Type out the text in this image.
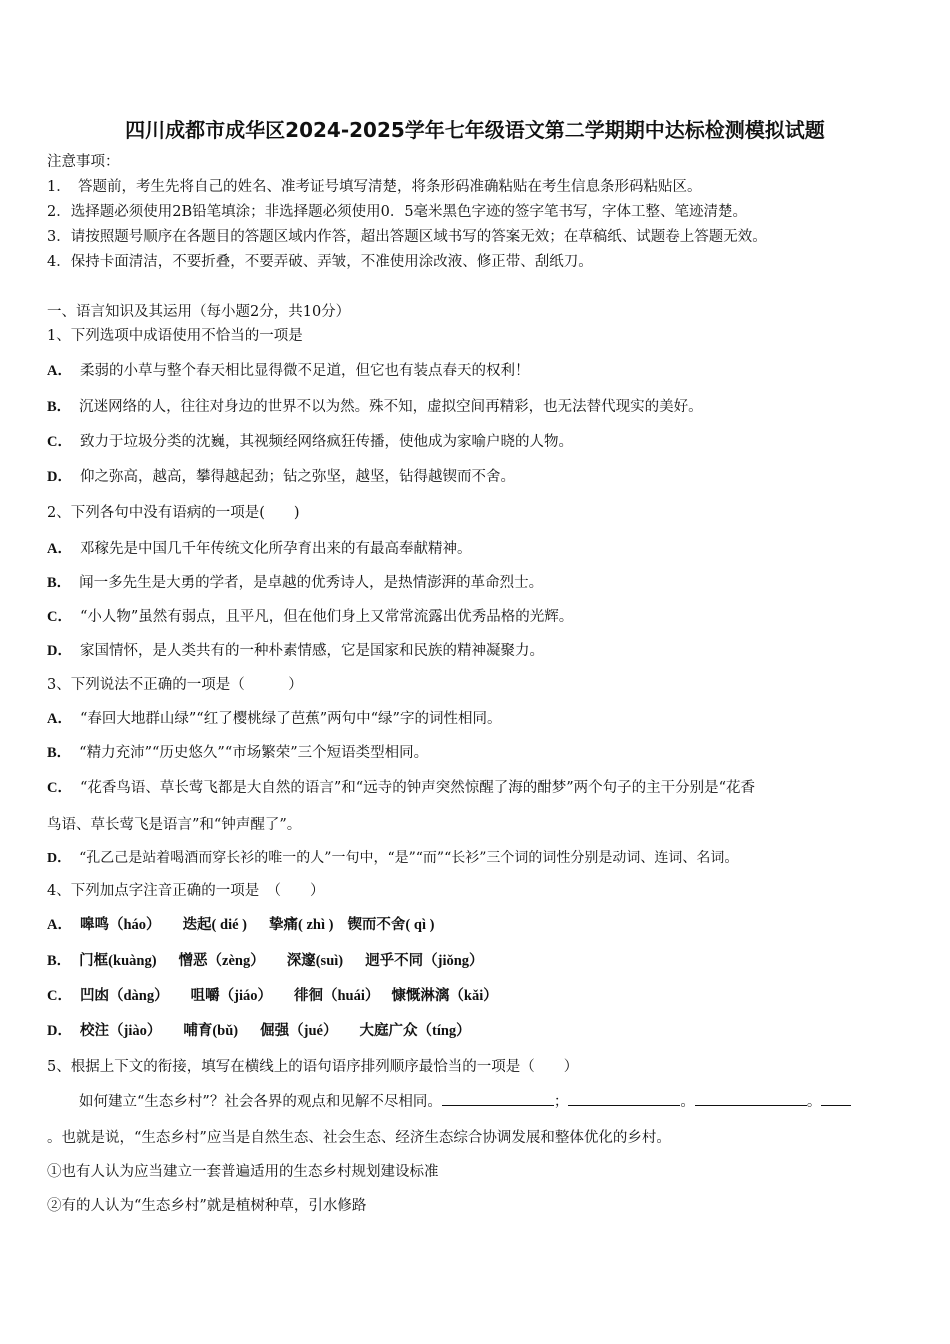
四川成都市成华区2024-2025学年七年级语文第二学期期中达标检测模拟试题
注意事项：
1．　答题前，考生先将自己的姓名、准考证号填写清楚，将条形码准确粘贴在考生信息条形码粘贴区。
2．选择题必须使用2B铅笔填涂；非选择题必须使用0．5毫米黑色字迹的签字笔书写，字体工整、笔迹清楚。
3．请按照题号顺序在各题目的答题区域内作答，超出答题区域书写的答案无效；在草稿纸、试题卷上答题无效。
4．保持卡面清洁，不要折叠，不要弄破、弄皱，不准使用涂改液、修正带、刮纸刀。
一、语言知识及其运用（每小题2分，共10分）
1、下列选项中成语使用不恰当的一项是
A． 柔弱的小草与整个春天相比显得微不足道，但它也有装点春天的权利！
B． 沉迷网络的人，往往对身边的世界不以为然。殊不知，虚拟空间再精彩，也无法替代现实的美好。
C． 致力于垃圾分类的沈巍，其视频经网络疯狂传播，使他成为家喻户晓的人物。
D． 仰之弥高，越高，攀得越起劲；钻之弥坚，越坚，钻得越锲而不舍。
2、下列各句中没有语病的一项是(　　)
A． 邓稼先是中国几千年传统文化所孕育出来的有最高奉献精神。
B． 闻一多先生是大勇的学者，是卓越的优秀诗人，是热情澎湃的革命烈士。
C． “小人物”虽然有弱点，且平凡，但在他们身上又常常流露出优秀品格的光辉。
D． 家国情怀，是人类共有的一种朴素情感，它是国家和民族的精神凝聚力。
3、下列说法不正确的一项是（　　　）
A． “春回大地群山绿”“红了樱桃绿了芭蕉”两句中“绿”字的词性相同。
B． “精力充沛”“历史悠久”“市场繁荣”三个短语类型相同。
C． “花香鸟语、草长莺飞都是大自然的语言”和“远寺的钟声突然惊醒了海的酣梦”两个句子的主干分别是“花香
鸟语、草长莺飞是语言”和“钟声醒了”。
D． “孔乙己是站着喝酒而穿长衫的唯一的人”一句中，“是”“而”“长衫”三个词的词性分别是动词、连词、名词。
4、下列加点字注音正确的一项是　（　　）
A． 嗥鸣（háo） 迭起( dié ) 挚痛( zhì ) 锲而不舍( qì )
B． 门框(kuàng) 憎恶（zèng） 深邃(suì) 迥乎不同（jiǒng）
C． 凹凼（dàng） 咀嚼（jiáo） 徘徊（huái） 慷慨淋漓（kǎi）
D． 校注（jiào） 哺育(bǔ) 倔强（jué） 大庭广众（tíng）
5、根据上下文的衔接，填写在横线上的语句语序排列顺序最恰当的一项是（　　）
如何建立“生态乡村”？社会各界的观点和见解不尽相同。	；	。	。
。也就是说，“生态乡村”应当是自然生态、社会生态、经济生态综合协调发展和整体优化的乡村。
①也有人认为应当建立一套普遍适用的生态乡村规划建设标准
②有的人认为“生态乡村”就是植树种草，引水修路
